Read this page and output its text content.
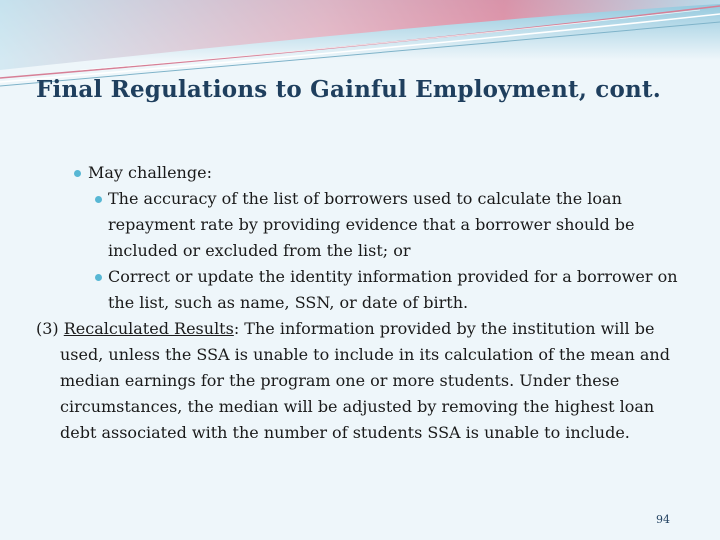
Final Regulations to Gainful Employment, cont.
May challenge:
The accuracy of the list of borrowers used to calculate the loan repayment rate by providing evidence that a borrower should be included or excluded from the list; or
Correct or update the identity information provided for a borrower on the list, such as name, SSN, or date of birth.
(3) Recalculated Results: The information provided by the institution will be used, unless the SSA is unable to include in its calculation of the mean and median earnings for the program one or more students. Under these circumstances, the median will be adjusted by removing the highest loan debt associated with the number of students SSA is unable to include.
94
